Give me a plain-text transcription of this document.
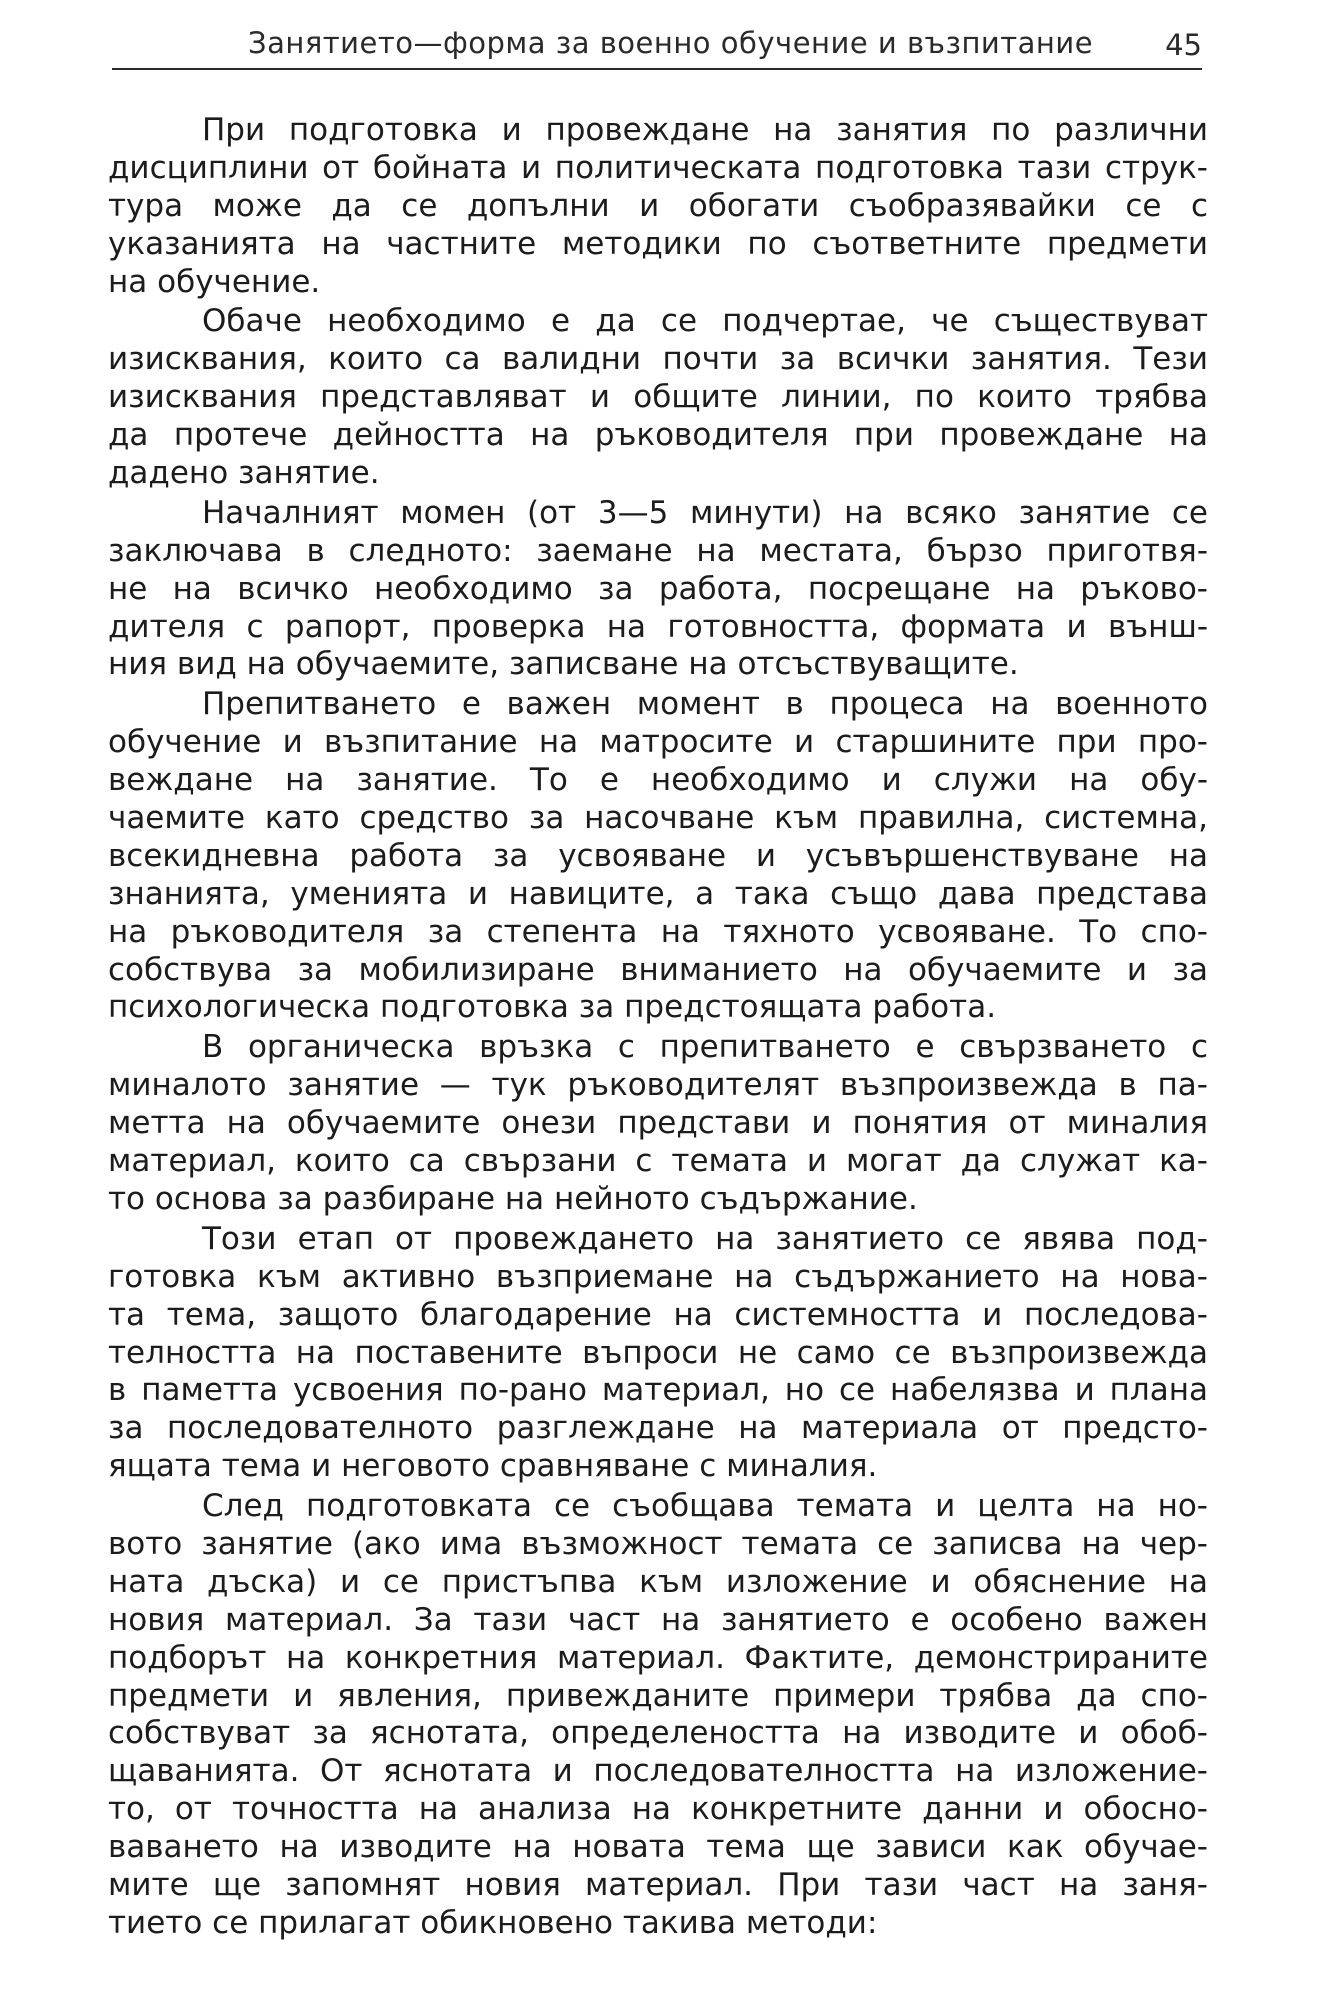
Занятието—форма за военно обучение и възпитание 45
При подготовка и провеждане на занятия по различни
дисциплини от бойната и политическата подготовка тази струк-
тура може да се допълни и обогати съобразявайки се с
указанията на частните методики по съответните предмети
на обучение.
Обаче необходимо е да се подчертае, че съществуват
изисквания, които са валидни почти за всички занятия. Тези
изисквания представляват и общите линии, по които трябва
да протече дейността на ръководителя при провеждане на
дадено занятие.
Началният момен (от 3—5 минути) на всяко занятие се
заключава в следното: заемане на местата, бързо приготвя-
не на всичко необходимо за работа, посрещане на ръково-
дителя с рапорт, проверка на готовността, формата и външ-
ния вид на обучаемите, записване на отсъствуващите.
Препитването е важен момент в процеса на военното
обучение и възпитание на матросите и старшините при про-
веждане на занятие. То е необходимо и служи на обу-
чаемите като средство за насочване към правилна, системна,
всекидневна работа за усвояване и усъвършенствуване на
знанията, уменията и навиците, а така също дава представа
на ръководителя за степента на тяхното усвояване. То спо-
собствува за мобилизиране вниманието на обучаемите и за
психологическа подготовка за предстоящата работа.
В органическа връзка с препитването е свързването с
миналото занятие — тук ръководителят възпроизвежда в па-
метта на обучаемите онези представи и понятия от миналия
материал, които са свързани с темата и могат да служат ка-
то основа за разбиране на нейното съдържание.
Този етап от провеждането на занятието се явява под-
готовка към активно възприемане на съдържанието на нова-
та тема, защото благодарение на системността и последова-
телността на поставените въпроси не само се възпроизвежда
в паметта усвоения по-рано материал, но се набелязва и плана
за последователното разглеждане на материала от предсто-
ящата тема и неговото сравняване с миналия.
След подготовката се съобщава темата и целта на но-
вото занятие (ако има възможност темата се записва на чер-
ната дъска) и се пристъпва към изложение и обяснение на
новия материал. За тази част на занятието е особено важен
подборът на конкретния материал. Фактите, демонстрираните
предмети и явления, привежданите примери трябва да спо-
собствуват за яснотата, определеността на изводите и обоб-
щаванията. От яснотата и последователността на изложение-
то, от точността на анализа на конкретните данни и обосно-
ваването на изводите на новата тема ще зависи как обучае-
мите ще запомнят новия материал. При тази част на заня-
тието се прилагат обикновено такива методи:
